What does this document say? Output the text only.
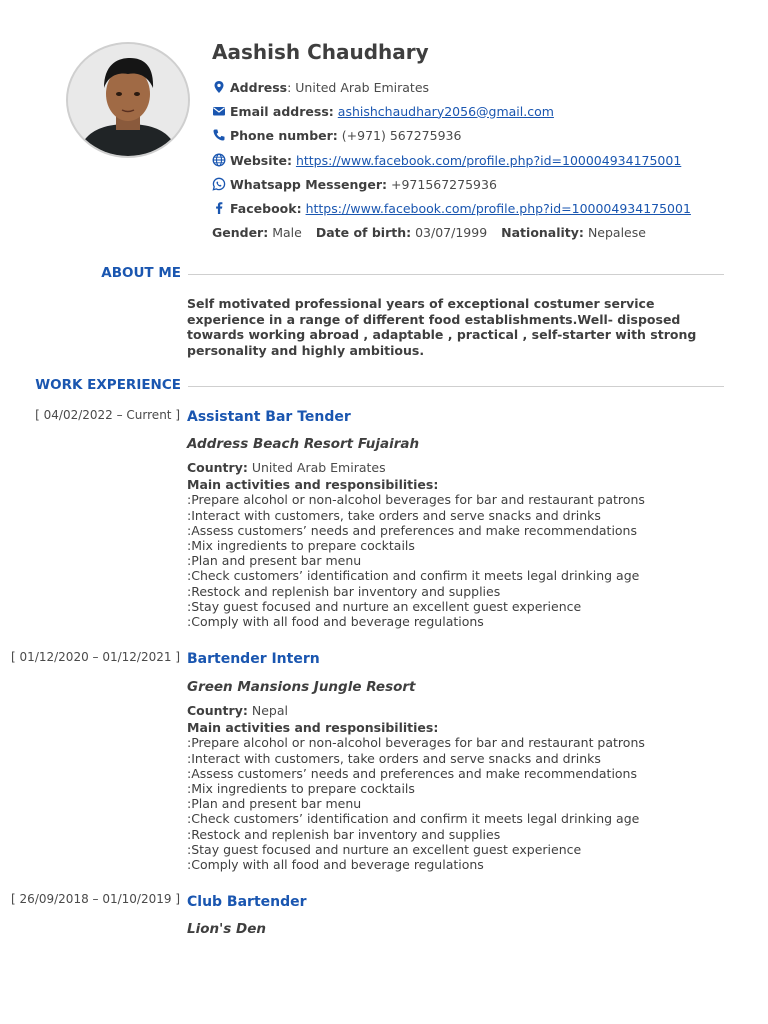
Aashish Chaudhary
Address : United Arab Emirates
Email address: ashishchaudhary2056@gmail.com
Phone number: (+971) 567275936
Website: https://www.facebook.com/profile.php?id=100004934175001
Whatsapp Messenger: +971567275936
Facebook: https://www.facebook.com/profile.php?id=100004934175001
Gender: Male Date of birth: 03/07/1999 Nationality: Nepalese
ABOUT ME
Self motivated professional years of exceptional costumer service experience in a range of different food establishments.Well- disposed towards working abroad , adaptable , practical , self-starter with strong personality and highly ambitious.
WORK EXPERIENCE
[ 04/02/2022 – Current ] Assistant Bar Tender
Address Beach Resort Fujairah
Country: United Arab Emirates
Main activities and responsibilities:
:Prepare alcohol or non-alcohol beverages for bar and restaurant patrons
:Interact with customers, take orders and serve snacks and drinks
:Assess customers’ needs and preferences and make recommendations
:Mix ingredients to prepare cocktails
:Plan and present bar menu
:Check customers’ identification and confirm it meets legal drinking age
:Restock and replenish bar inventory and supplies
:Stay guest focused and nurture an excellent guest experience
:Comply with all food and beverage regulations
[ 01/12/2020 – 01/12/2021 ] Bartender Intern
Green Mansions Jungle Resort
Country: Nepal
Main activities and responsibilities:
:Prepare alcohol or non-alcohol beverages for bar and restaurant patrons
:Interact with customers, take orders and serve snacks and drinks
:Assess customers’ needs and preferences and make recommendations
:Mix ingredients to prepare cocktails
:Plan and present bar menu
:Check customers’ identification and confirm it meets legal drinking age
:Restock and replenish bar inventory and supplies
:Stay guest focused and nurture an excellent guest experience
:Comply with all food and beverage regulations
[ 26/09/2018 – 01/10/2019 ] Club Bartender
Lion's Den
